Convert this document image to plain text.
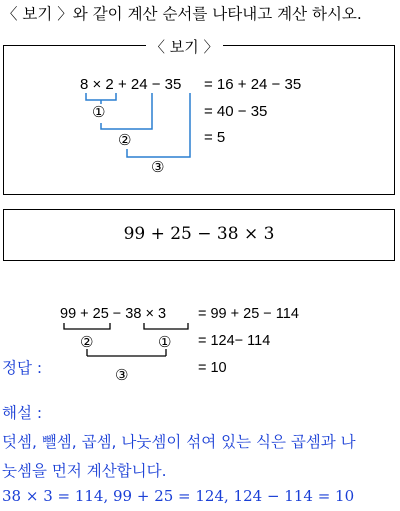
〈 보기 〉와 같이 계산 순서를 나타내고 계산 하시오.
〈 보기 〉
8 × 2 + 24 − 35 = 16 + 24 − 35
= 40 − 35
= 5
①
②
③
99 + 25 − 38 × 3
99 + 25 − 38 × 3 = 99 + 25 − 114
= 124− 114
= 10
②	①
③
정답 :
해설 :
덧셈, 뺄셈, 곱셈, 나눗셈이 섞여 있는 식은 곱셈과 나
눗셈을 먼저 계산합니다.
38 × 3 = 114, 99 + 25 = 124, 124 − 114 = 10
